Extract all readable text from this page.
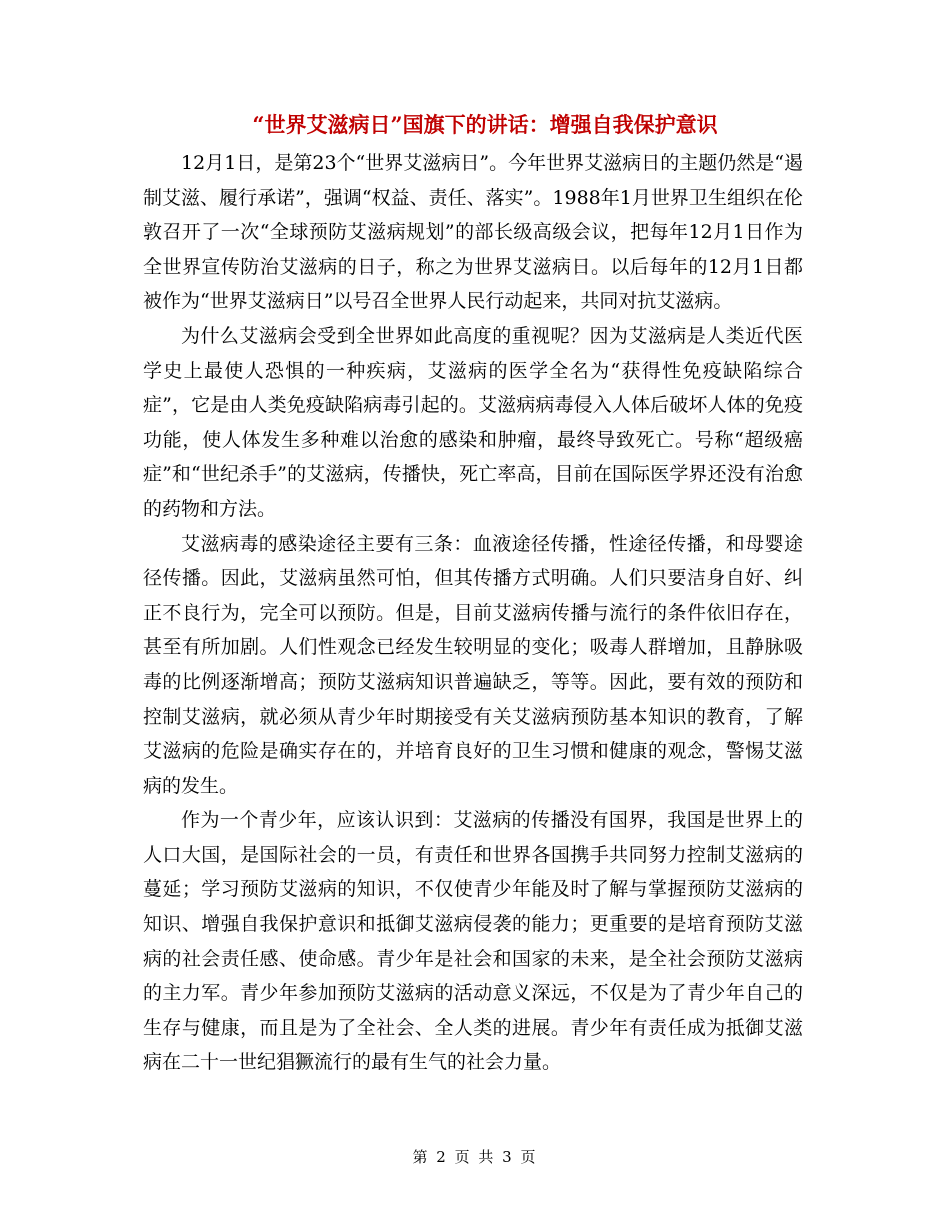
“世界艾滋病日”国旗下的讲话：增强自我保护意识

12月1日，是第23个“世界艾滋病日”。今年世界艾滋病日的主题仍然是“遏制艾滋、履行承诺”，强调“权益、责任、落实”。1988年1月世界卫生组织在伦敦召开了一次“全球预防艾滋病规划”的部长级高级会议，把每年12月1日作为全世界宣传防治艾滋病的日子，称之为世界艾滋病日。以后每年的12月1日都被作为“世界艾滋病日”以号召全世界人民行动起来，共同对抗艾滋病。

为什么艾滋病会受到全世界如此高度的重视呢？因为艾滋病是人类近代医学史上最使人恐惧的一种疾病，艾滋病的医学全名为“获得性免疫缺陷综合症”，它是由人类免疫缺陷病毒引起的。艾滋病病毒侵入人体后破坏人体的免疫功能，使人体发生多种难以治愈的感染和肿瘤，最终导致死亡。号称“超级癌症”和“世纪杀手”的艾滋病，传播快，死亡率高，目前在国际医学界还没有治愈的药物和方法。

艾滋病毒的感染途径主要有三条：血液途径传播，性途径传播，和母婴途径传播。因此，艾滋病虽然可怕，但其传播方式明确。人们只要洁身自好、纠正不良行为，完全可以预防。但是，目前艾滋病传播与流行的条件依旧存在，甚至有所加剧。人们性观念已经发生较明显的变化；吸毒人群增加，且静脉吸毒的比例逐渐增高；预防艾滋病知识普遍缺乏，等等。因此，要有效的预防和控制艾滋病，就必须从青少年时期接受有关艾滋病预防基本知识的教育，了解艾滋病的危险是确实存在的，并培育良好的卫生习惯和健康的观念，警惕艾滋病的发生。

作为一个青少年，应该认识到：艾滋病的传播没有国界，我国是世界上的人口大国，是国际社会的一员，有责任和世界各国携手共同努力控制艾滋病的蔓延；学习预防艾滋病的知识，不仅使青少年能及时了解与掌握预防艾滋病的知识、增强自我保护意识和抵御艾滋病侵袭的能力；更重要的是培育预防艾滋病的社会责任感、使命感。青少年是社会和国家的未来，是全社会预防艾滋病的主力军。青少年参加预防艾滋病的活动意义深远，不仅是为了青少年自己的生存与健康，而且是为了全社会、全人类的进展。青少年有责任成为抵御艾滋病在二十一世纪猖獗流行的最有生气的社会力量。

第 2 页 共 3 页
